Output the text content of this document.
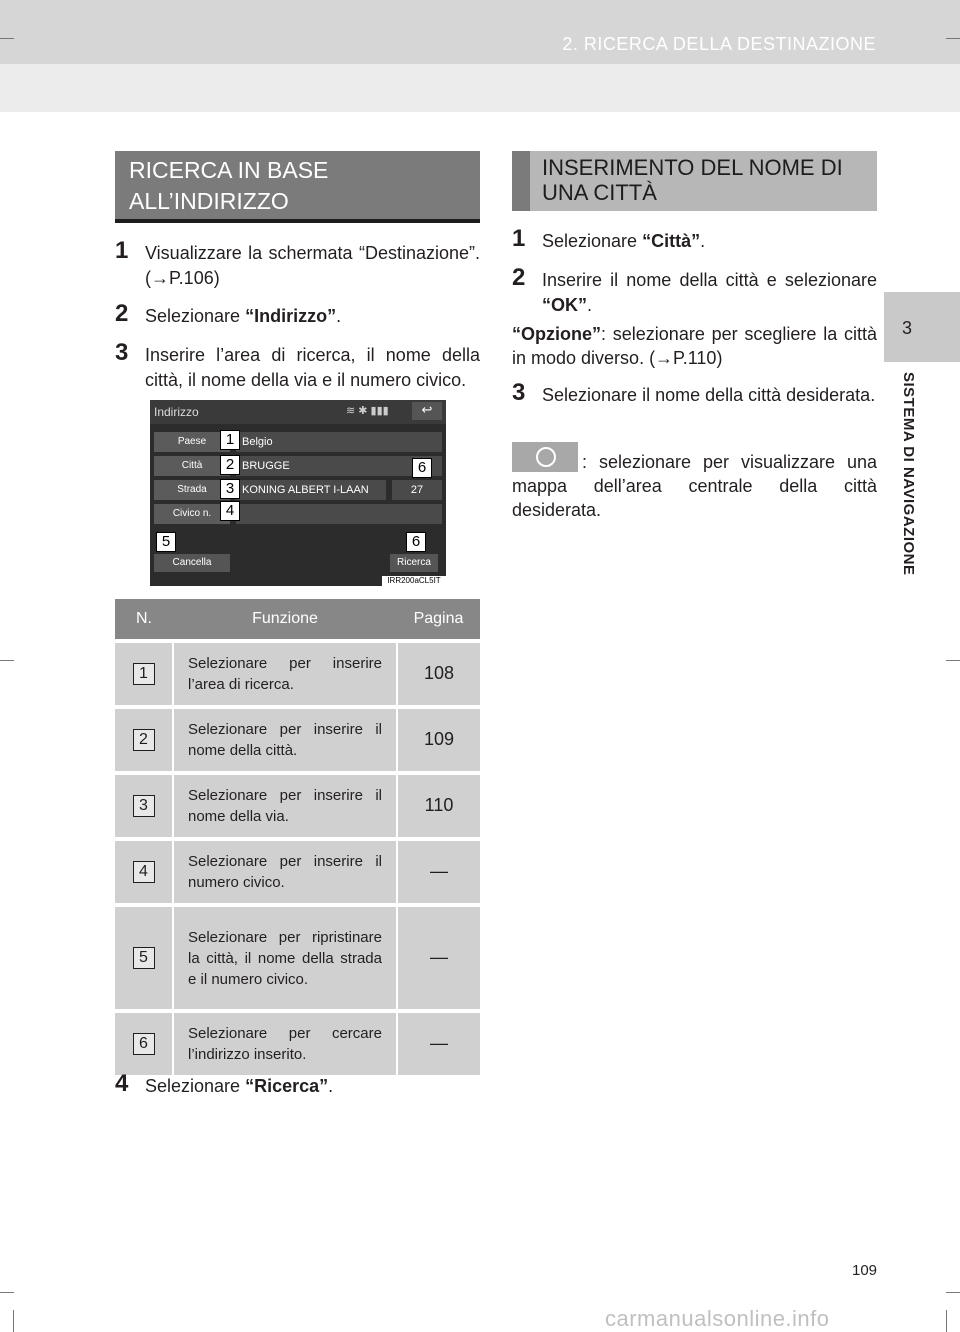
2. RICERCA DELLA DESTINAZIONE
3
SISTEMA DI NAVIGAZIONE
RICERCA IN BASE
ALL’INDIRIZZO
1 Visualizzare la schermata “Destinazione”. (→P.106)
2 Selezionare “Indirizzo”.
3 Inserire l’area di ricerca, il nome della città, il nome della via e il numero civico.
Indirizzo	≋ ✱ ▮▮▮	↩
Paese	Belgio
Città	BRUGGE
Strada	KONING ALBERT I-LAAN	27
Civico n.
Cancella	Ricerca
1
2
3
4
5
6
6
IRR200aCL5IT
N.	Funzione	Pagina
1	Selezionare per inserire l’area di ricerca.	108
2	Selezionare per inserire il nome della città.	109
3	Selezionare per inserire il nome della via.	110
4	Selezionare per inserire il numero civico.	—
5	Selezionare per ripristinare la città, il nome della strada e il numero civico.	—
6	Selezionare per cercare l’indirizzo inserito.	—
4 Selezionare “Ricerca”.
INSERIMENTO DEL NOME DI
UNA CITTÀ
1 Selezionare “Città”.
2 Inserire il nome della città e selezionare “OK”.
“Opzione”: selezionare per scegliere la città in modo diverso. (→P.110)
3 Selezionare il nome della città desiderata.
: selezionare per visualizzare una mappa dell’area centrale della città desiderata.
109
carmanualsonline.info
